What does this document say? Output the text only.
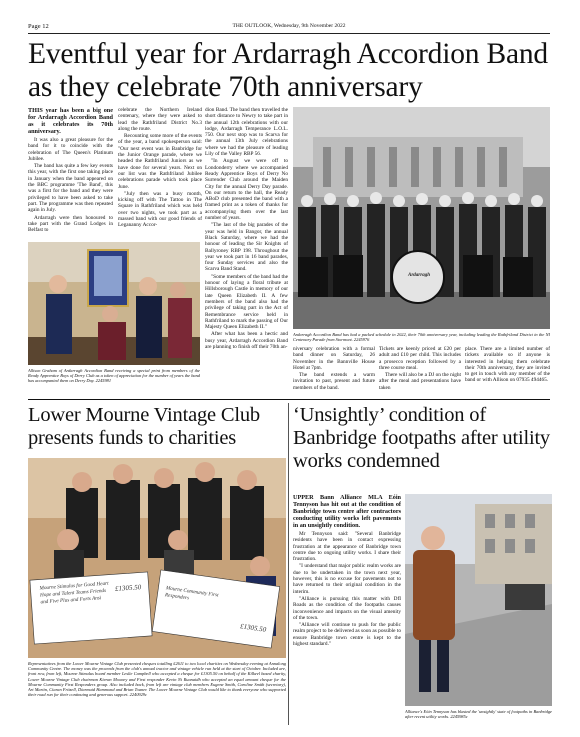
Page 12	THE OUTLOOK, Wednesday, 9th November 2022
Eventful year for Ardarragh Accordion Band as they celebrate 70th anniversary

THIS year has been a big one for Ardarragh Accordion Band as it celebrates its 70th anniversary.

It was also a great pleasure for the band for it to coincide with the celebration of The Queen's Platinum Jubilee.

The band has quite a few key events this year, with the first one taking place in January when the band appeared on the BBC programme 'The Band', this was a first for the band and they were privileged to have been asked to take part. The programme was then repeated again in July.

Ardarragh were then honoured to take part with the Grand Lodges in Belfast to

celebrate the Northern Ireland centenary, where they were asked to lead the Rathfriland District No.3 along the route.

Recounting some more of the events of the year, a band spokesperson said: "Our next event was in Banbridge for the Junior Orange parade, where we headed the Rathfriland Juniors as we have done for several years. Next on our list was the Rathfriland Jubilee celebrations parade which took place June.

"July then was a busy month, kicking off with The Tattoo in The Square in Rathfriland which was held over two nights, we took part as a massed band with our good friends of Legananny Accor-

dion Band. The band then travelled the short distance to Newry to take part in the annual 12th celebrations with our lodge, Ardarragh Temperance L.O.L. 750. Our next stop was to Scarva for the annual 13th July celebrations where we had the pleasure of leading Lily of the Valley RBP 56.

"In August we were off to Londonderry where we accompanied Ready Apprentice Boys of Derry No Surrender Club around the Maiden City for the annual Derry Day parade. On our return to the hall, the Ready ABoD club presented the band with a framed print as a token of thanks for accompanying them over the last number of years.

"The last of the big parades of the year was held in Bangor, the annual Black Saturday, where we had the honour of leading the Sir Knights of Ballyroney RBP 198. Throughout the year we took part in 16 band parades, four Sunday services and also the Scarva Band Stand.

"Some members of the band had the honour of laying a floral tribute at Hillsborough Castle in memory of our late Queen Elizabeth II. A few members of the band also had the privilege of taking part in the Act of Remembrance service held in Rathfriland to mark the passing of Our Majesty Queen Elizabeth II."

After what has been a hectic and busy year, Ardarragh Accordion Band are planning to finish off their 70th an-

Allison Graham of Ardarragh Accordion Band receiving a special print from members of the Ready Apprentice Boys of Derry Club as a token of appreciation for the number of years the band has accompanied them on Derry Day. 2245981
Ardarragh
Ardarragh Accordion Band has had a packed schedule in 2022, their 70th anniversary year, including leading the Rathfriland District in the NI Centenary Parade from Stormont. 2245976

niversary celebration with a formal band dinner on Saturday, 26 November in the Bannville House Hotel at 7pm.

The band extends a warm invitation to past, present and future members of the band.

Tickets are keenly priced at £20 per adult and £10 per child. This includes a prosecco reception followed by a three course meal.

There will also be a DJ on the night after the meal and presentations have taken

place. There are a limited number of tickets available so if anyone is interested in helping them celebrate their 70th anniversary, they are invited to get in touch with any member of the band or with Allison on 07935 494465.

Lower Mourne Vintage Club presents funds to charities
Mourne Stimulus for Good Heart Hope and Talent Teams Friends and Five Plus and Forts Ansi
£1305.50	Mourne Community First Responders
£1305.50
Representatives from the Lower Mourne Vintage Club presented cheques totalling £2611 to two local charities on Wednesday evening at Annalong Community Centre. The money was the proceeds from the club's annual tractor and vintage vehicle run held at the start of October. Included are, front row, from left, Mourne Stimulus board member Leslie Campbell who accepted a cheque for £1305.50 on behalf of the Kilkeel based charity, Lower Mourne Vintage Club chairman Kieran Mooney and First responder Kevin Ni Ruanaidh who accepted an equal amount cheque for the Mourne Community First Responders group. Also included back, from left are vintage club members Eugene Smith, Caroline Smith (secretary), Art Martin, Ciaran Fritzell, Diarmuid Hammond and Brian Toaner. The Lower Mourne Vintage Club would like to thank everyone who supported their road run for their continuing and generous support. 2240929c
‘Unsightly’ condition of Banbridge footpaths after utility works condemned

UPPER Bann Alliance MLA Eóin Tennyson has hit out at the condition of Banbridge town centre after contractors conducting utility works left pavements in an unsightly condition.

Mr Tennyson said: "Several Banbridge residents have been in contact expressing frustration at the appearance of Banbridge town centre due to ongoing utility works. I share their frustration.

"I understand that major public realm works are due to be undertaken in the town next year, however, this is no excuse for pavements not to have returned to their original condition in the interim.

"Alliance is pursuing this matter with DfI Roads as the condition of the footpaths causes inconvenience and impacts on the visual amenity of the town.

"Alliance will continue to push for the public realm project to be delivered as soon as possible to ensure Banbridge town centre is kept to the highest standard."

Alliance's Eóin Tennyson has blasted the 'unsightly' state of footpaths in Banbridge after recent utility works. 2245985c
